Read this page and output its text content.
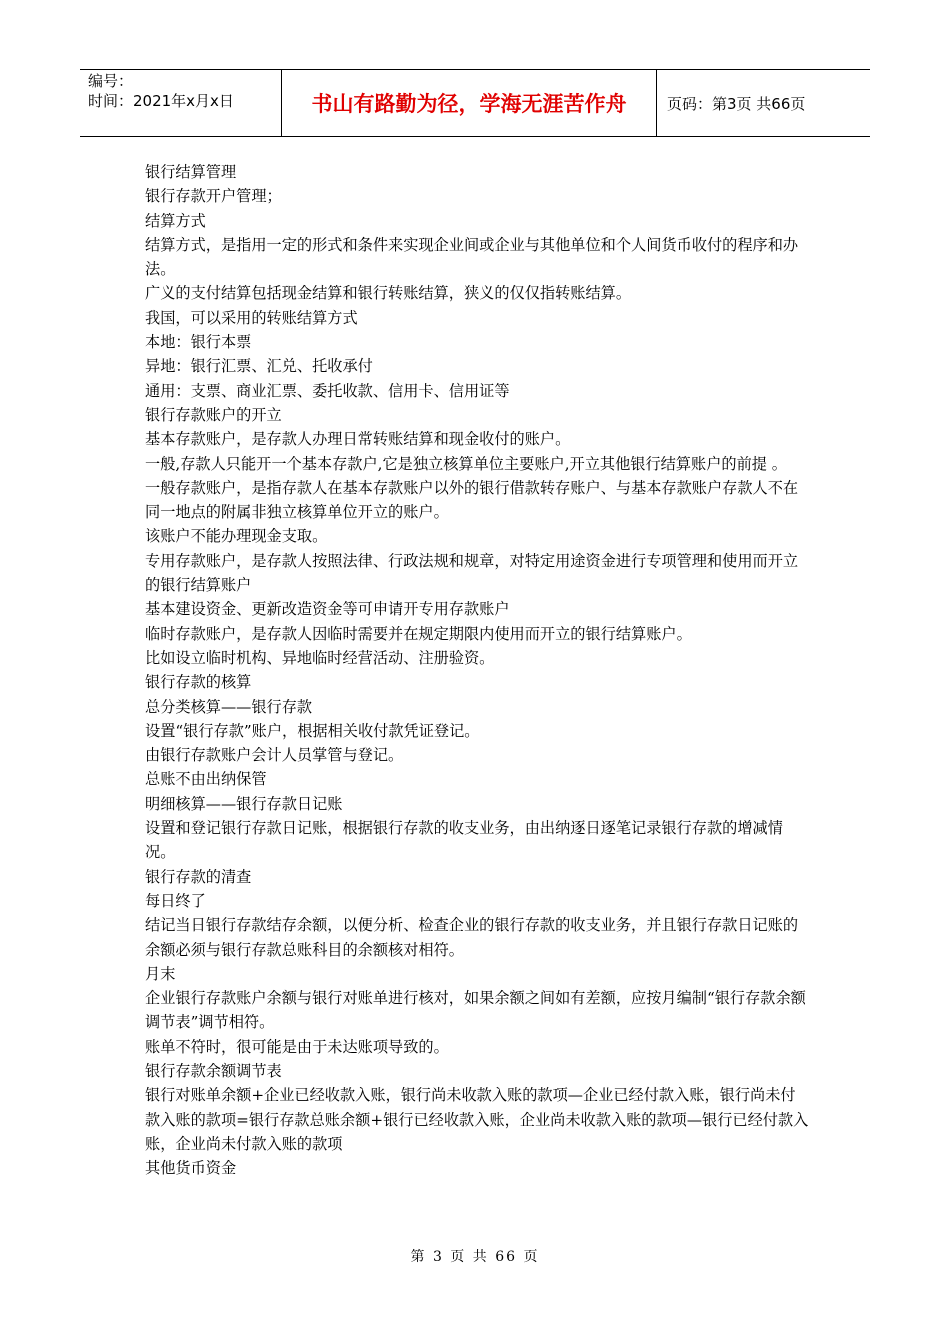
编号：
时间：2021年x月x日	书山有路勤为径，学海无涯苦作舟	页码：第3页 共66页

银行结算管理

银行存款开户管理；

结算方式

结算方式，是指用一定的形式和条件来实现企业间或企业与其他单位和个人间货币收付的程序和办法。

广义的支付结算包括现金结算和银行转账结算，狭义的仅仅指转账结算。

我国，可以采用的转账结算方式

本地：银行本票

异地：银行汇票、汇兑、托收承付

通用：支票、商业汇票、委托收款、信用卡、信用证等

银行存款账户的开立

基本存款账户，是存款人办理日常转账结算和现金收付的账户。

一般,存款人只能开一个基本存款户,它是独立核算单位主要账户,开立其他银行结算账户的前提 。

一般存款账户，是指存款人在基本存款账户以外的银行借款转存账户、与基本存款账户存款人不在同一地点的附属非独立核算单位开立的账户。

该账户不能办理现金支取。

专用存款账户，是存款人按照法律、行政法规和规章，对特定用途资金进行专项管理和使用而开立的银行结算账户

基本建设资金、更新改造资金等可申请开专用存款账户

临时存款账户，是存款人因临时需要并在规定期限内使用而开立的银行结算账户。

比如设立临时机构、异地临时经营活动、注册验资。

银行存款的核算

总分类核算——银行存款

设置“银行存款”账户，根据相关收付款凭证登记。

由银行存款账户会计人员掌管与登记。

总账不由出纳保管

明细核算——银行存款日记账

设置和登记银行存款日记账，根据银行存款的收支业务，由出纳逐日逐笔记录银行存款的增减情况。

银行存款的清查

每日终了

结记当日银行存款结存余额，以便分析、检查企业的银行存款的收支业务，并且银行存款日记账的余额必须与银行存款总账科目的余额核对相符。

月末

企业银行存款账户余额与银行对账单进行核对，如果余额之间如有差额，应按月编制“银行存款余额调节表”调节相符。

账单不符时，很可能是由于未达账项导致的。

银行存款余额调节表

银行对账单余额+企业已经收款入账，银行尚未收款入账的款项—企业已经付款入账，银行尚未付款入账的款项=银行存款总账余额+银行已经收款入账，企业尚未收款入账的款项—银行已经付款入账，企业尚未付款入账的款项

其他货币资金

第 3 页 共 66 页
